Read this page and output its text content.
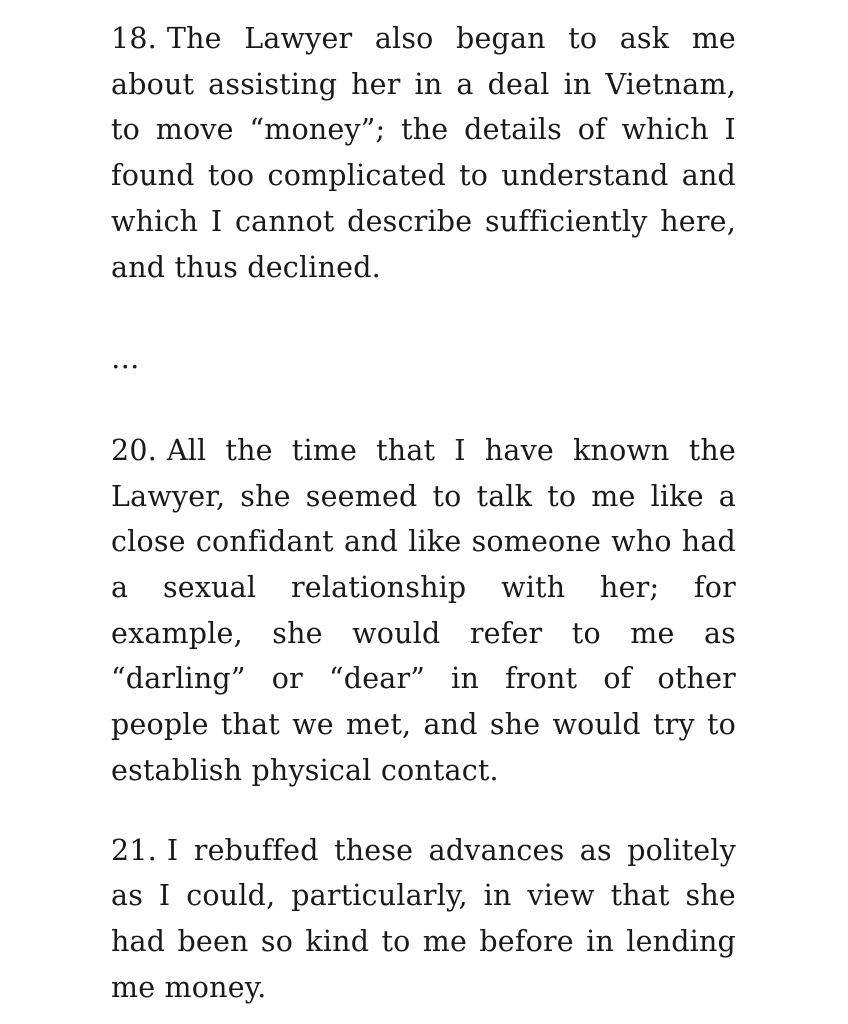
18. The Lawyer also began to ask me about assisting her in a deal in Vietnam, to move “money”; the details of which I found too complicated to understand and which I cannot describe sufficiently here, and thus declined.

…

20. All the time that I have known the Lawyer, she seemed to talk to me like a close confidant and like someone who had a sexual relationship with her; for example, she would refer to me as “darling” or “dear” in front of other people that we met, and she would try to establish physical contact.

21. I rebuffed these advances as politely as I could, particularly, in view that she had been so kind to me before in lending me money.
